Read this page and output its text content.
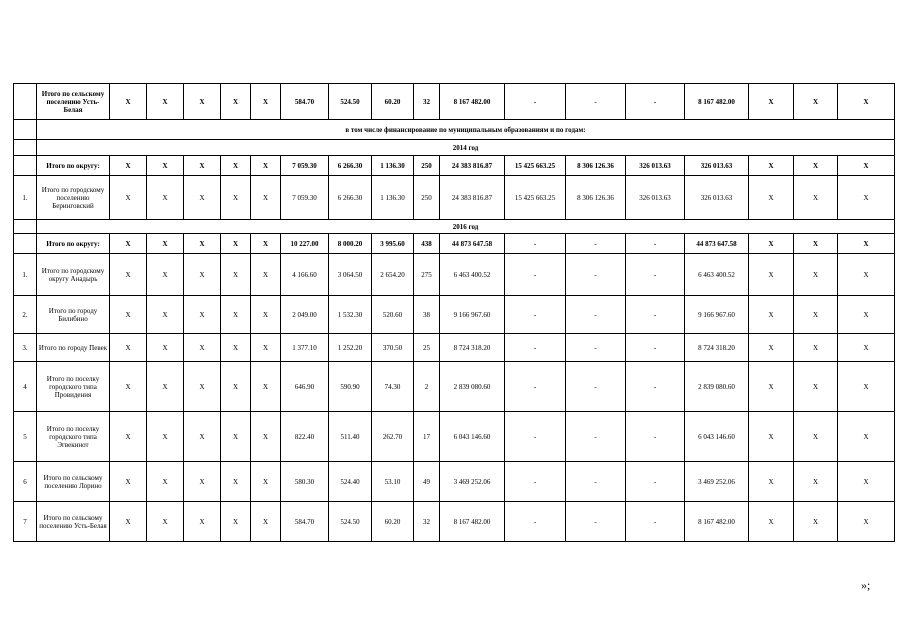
	Итого по сельскому поселению Усть-Белая	X	X	X	X	X	584.70	524.50	60.20	32	8 167 482.00	-	-	-	8 167 482.00	X	X	X
	в том числе финансирование по муниципальным образованиям и по годам:																	
	2014 год																	
	Итого по округу:	X	X	X	X	X	7 059.30	6 266.30	1 136.30	250	24 383 816.87	15 425 663.25	8 306 126.36	326 013.63	326 013.63	X	X	X
1.	Итого по городскому поселению Беринговский	X	X	X	X	X	7 059.30	6 266.30	1 136.30	250	24 383 816.87	15 425 663.25	8 306 126.36	326 013.63	326 013.63	X	X	X
	2016 год																	
	Итого по округу:	X	X	X	X	X	10 227.00	8 000.20	3 995.60	438	44 873 647.58	-	-	-	44 873 647.58	X	X	X
1.	Итого по городскому округу Анадырь	X	X	X	X	X	4 166.60	3 064.50	2 654.20	275	6 463 400.52	-	-	-	6 463 400.52	X	X	X
2.	Итого по городу Билибино	X	X	X	X	X	2 049.00	1 532.30	520.60	38	9 166 967.60	-	-	-	9 166 967.60	X	X	X
3.	Итого по городу Певек	X	X	X	X	X	1 377.10	1 252.20	370.50	25	8 724 318.20	-	-	-	8 724 318.20	X	X	X
4	Итого по поселку городского типа Провидения	X	X	X	X	X	646.90	590.90	74.30	2	2 839 080.60	-	-	-	2 839 080.60	X	X	X
5	Итого по поселку городского типа Эгвекинот	X	X	X	X	X	822.40	511.40	262.70	17	6 043 146.60	-	-	-	6 043 146.60	X	X	X
6	Итого по сельскому поселению Лорино	X	X	X	X	X	580.30	524.40	53.10	49	3 469 252.06	-	-	-	3 469 252.06	X	X	X
7	Итого по сельскому поселению Усть-Белая	X	X	X	X	X	584.70	524.50	60.20	32	8 167 482.00	-	-	-	8 167 482.00	X	X	X
»;
